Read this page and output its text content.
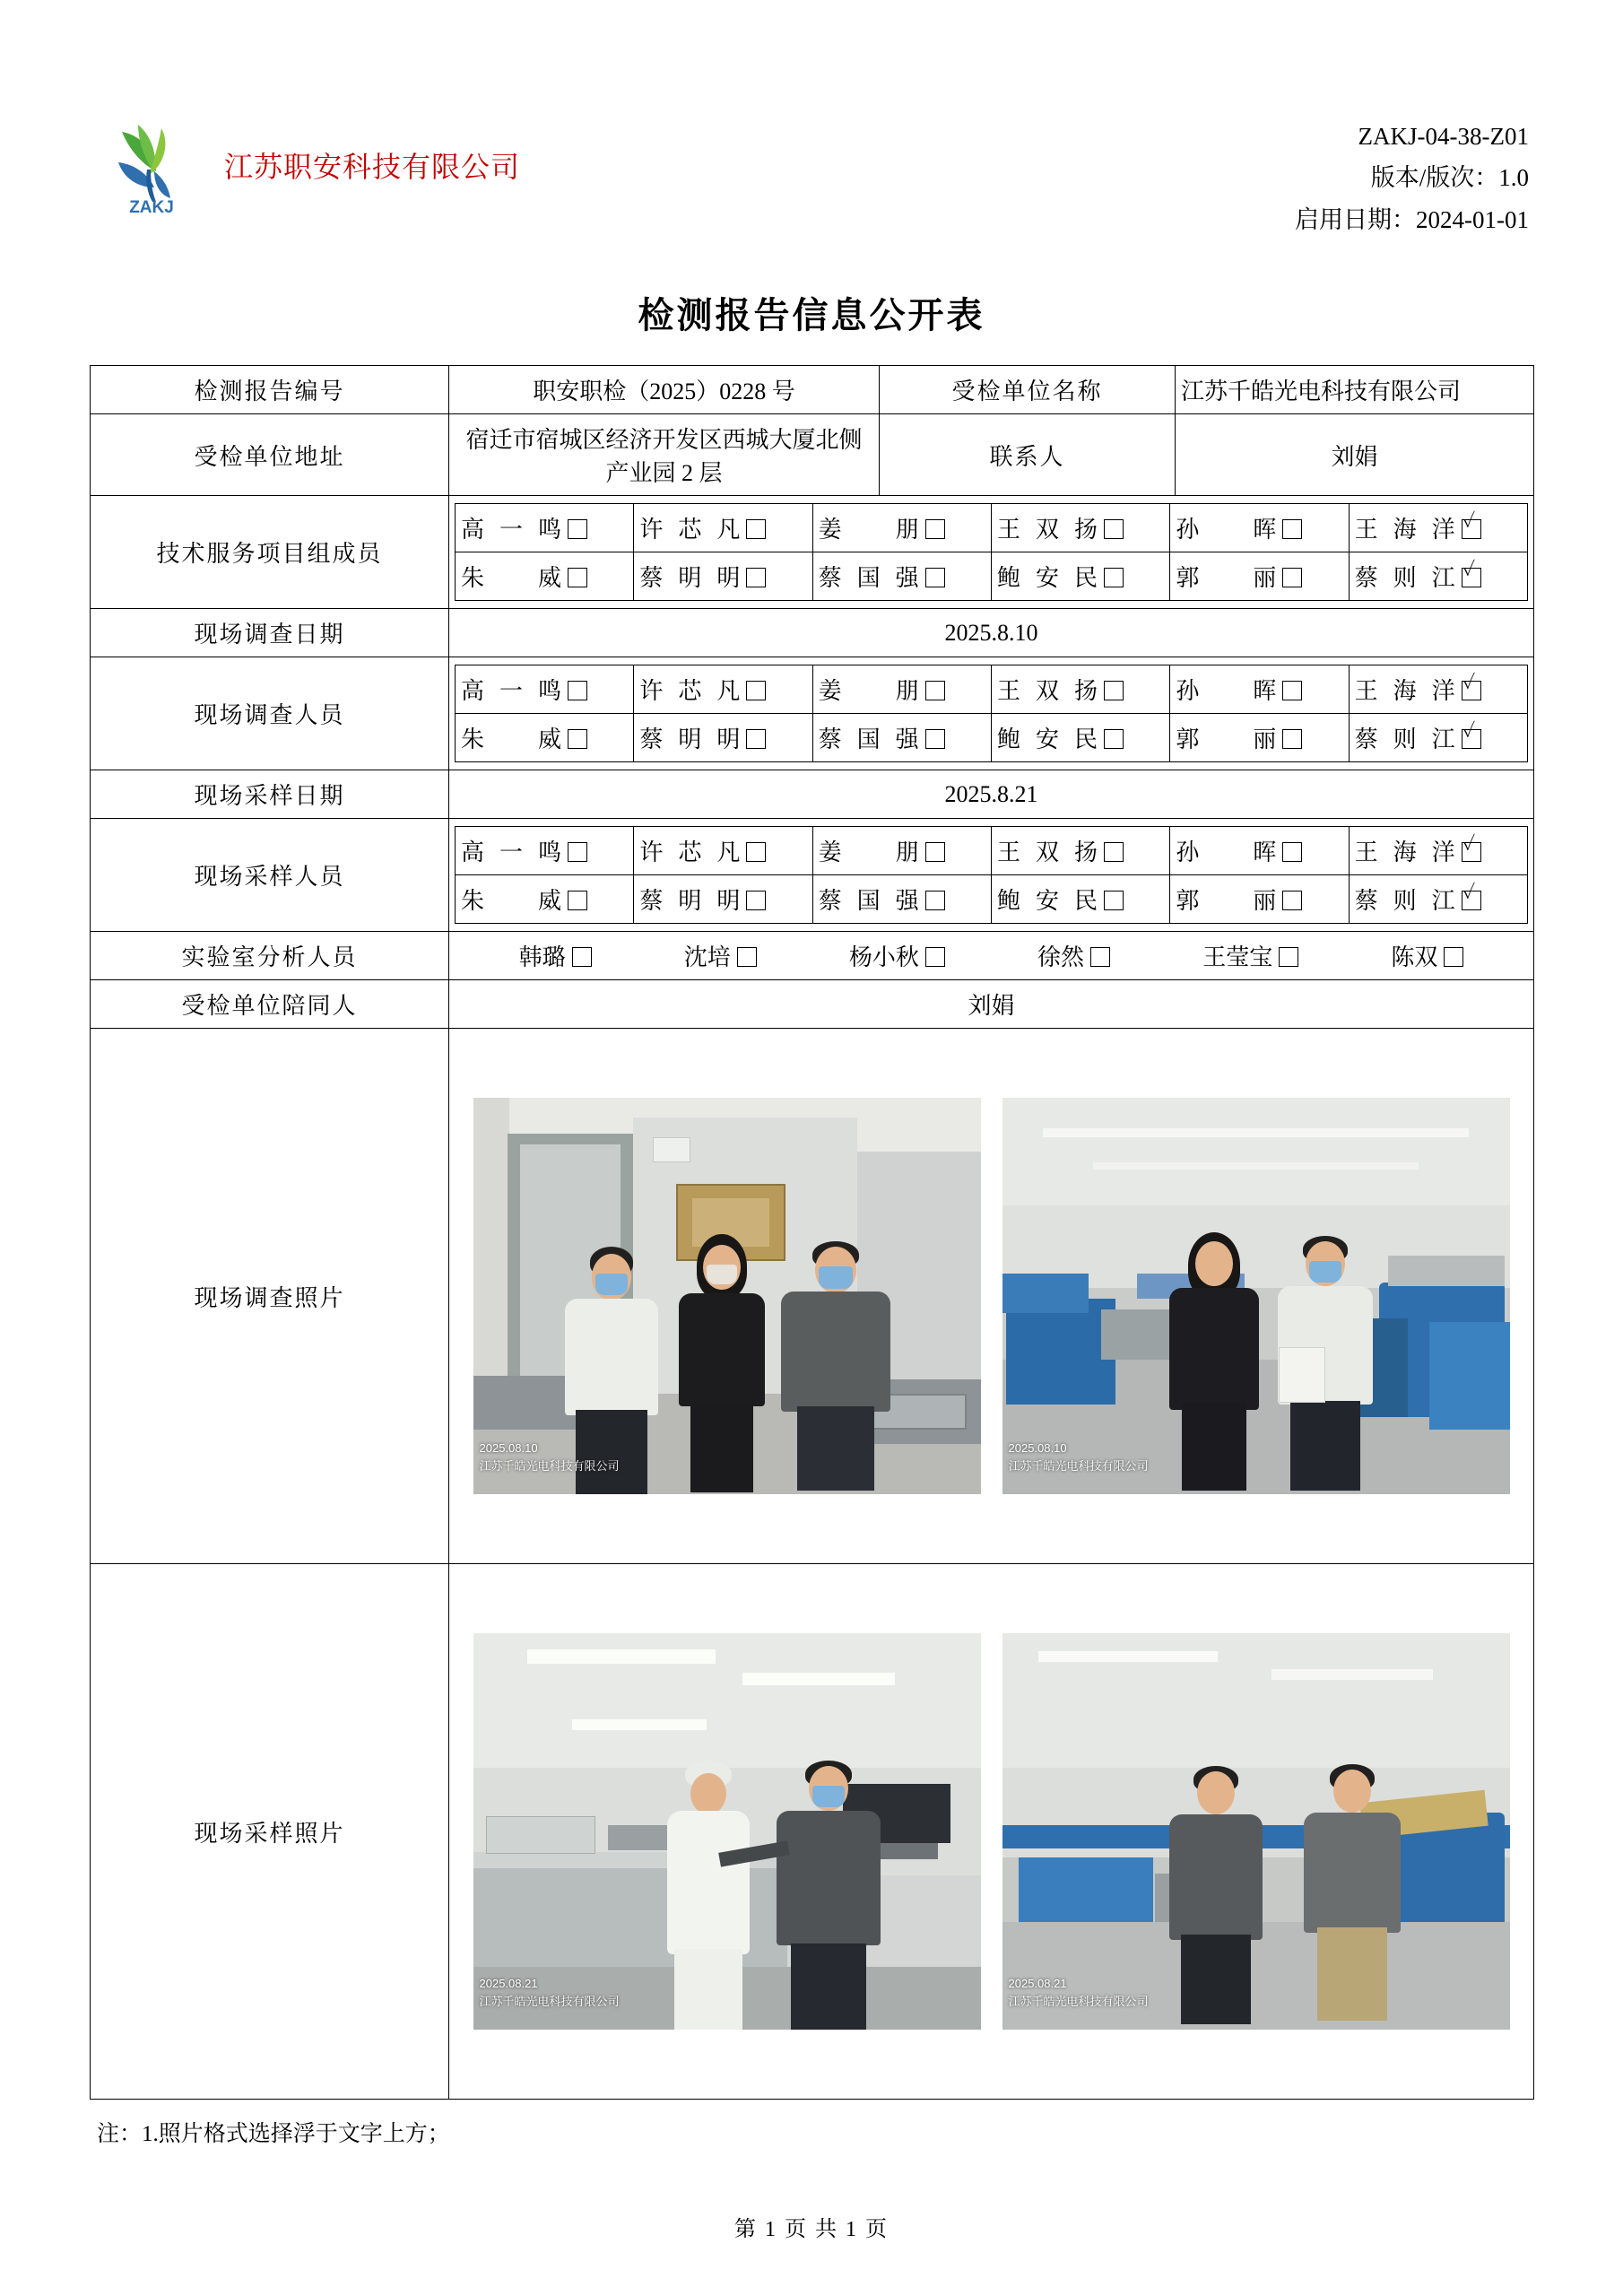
ZAKJ
江苏职安科技有限公司
ZAKJ-04-38-Z01
版本/版次：1.0
启用日期：2024-01-01
检测报告信息公开表
检测报告编号	职安职检（2025）0228 号	受检单位名称	江苏千皓光电科技有限公司
受检单位地址	宿迁市宿城区经济开发区西城大厦北侧产业园 2 层	联系人	刘娟
技术服务项目组成员	
高一鸣	许芯凡	姜朋	王双扬	孙晖	王海洋✓
朱威	蔡明明	蔡国强	鲍安民	郭丽	蔡则江✓

现场调查日期	2025.8.10
现场调查人员	
高一鸣	许芯凡	姜朋	王双扬	孙晖	王海洋✓
朱威	蔡明明	蔡国强	鲍安民	郭丽	蔡则江✓

现场采样日期	2025.8.21
现场采样人员	
高一鸣	许芯凡	姜朋	王双扬	孙晖	王海洋✓
朱威	蔡明明	蔡国强	鲍安民	郭丽	蔡则江✓

实验室分析人员	韩璐	沈培	杨小秋	徐然	王莹宝	陈双

受检单位陪同人	刘娟
现场调查照片	
2025.08.10
江苏千皓光电科技有限公司
2025.08.10
江苏千皓光电科技有限公司

现场采样照片	
2025.08.21
江苏千皓光电科技有限公司
2025.08.21
江苏千皓光电科技有限公司
注：1.照片格式选择浮于文字上方；
第 1 页 共 1 页
